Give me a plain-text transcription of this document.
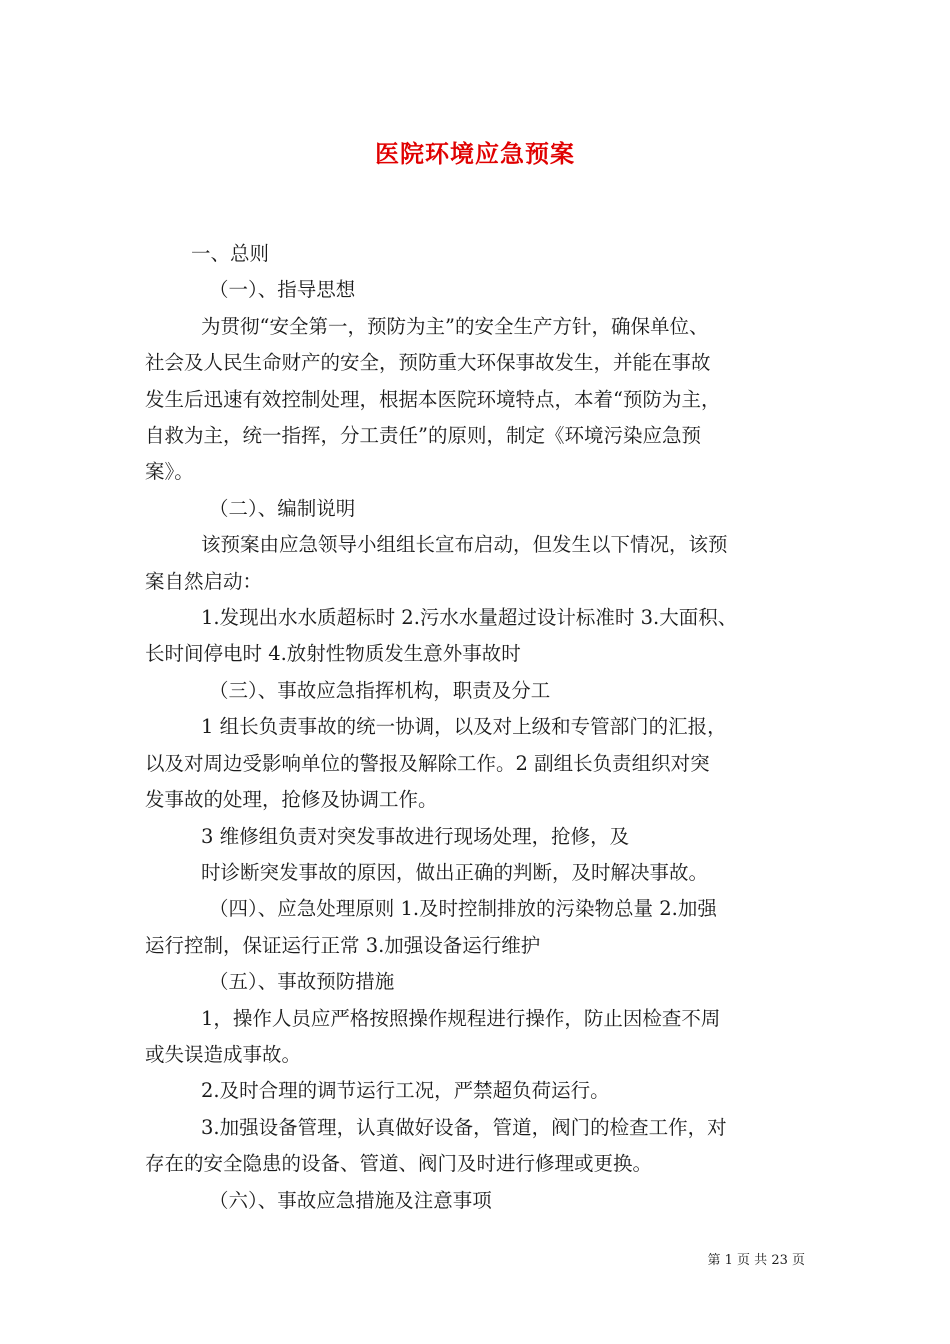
医院环境应急预案

一、总则

（一）、指导思想

为贯彻“安全第一，预防为主”的安全生产方针，确保单位、

社会及人民生命财产的安全，预防重大环保事故发生，并能在事故

发生后迅速有效控制处理，根据本医院环境特点，本着“预防为主，

自救为主，统一指挥，分工责任”的原则，制定《环境污染应急预

案》。

（二）、编制说明

该预案由应急领导小组组长宣布启动，但发生以下情况，该预

案自然启动：

1.发现出水水质超标时 2.污水水量超过设计标准时 3.大面积、

长时间停电时 4.放射性物质发生意外事故时

（三）、事故应急指挥机构，职责及分工

1 组长负责事故的统一协调，以及对上级和专管部门的汇报，

以及对周边受影响单位的警报及解除工作。2 副组长负责组织对突

发事故的处理，抢修及协调工作。

3 维修组负责对突发事故进行现场处理，抢修，及

时诊断突发事故的原因，做出正确的判断，及时解决事故。

（四）、应急处理原则 1.及时控制排放的污染物总量 2.加强

运行控制，保证运行正常 3.加强设备运行维护

（五）、事故预防措施

1，操作人员应严格按照操作规程进行操作，防止因检查不周

或失误造成事故。

2.及时合理的调节运行工况，严禁超负荷运行。

3.加强设备管理，认真做好设备，管道，阀门的检查工作，对

存在的安全隐患的设备、管道、阀门及时进行修理或更换。

（六）、事故应急措施及注意事项

第 1 页 共 23 页
